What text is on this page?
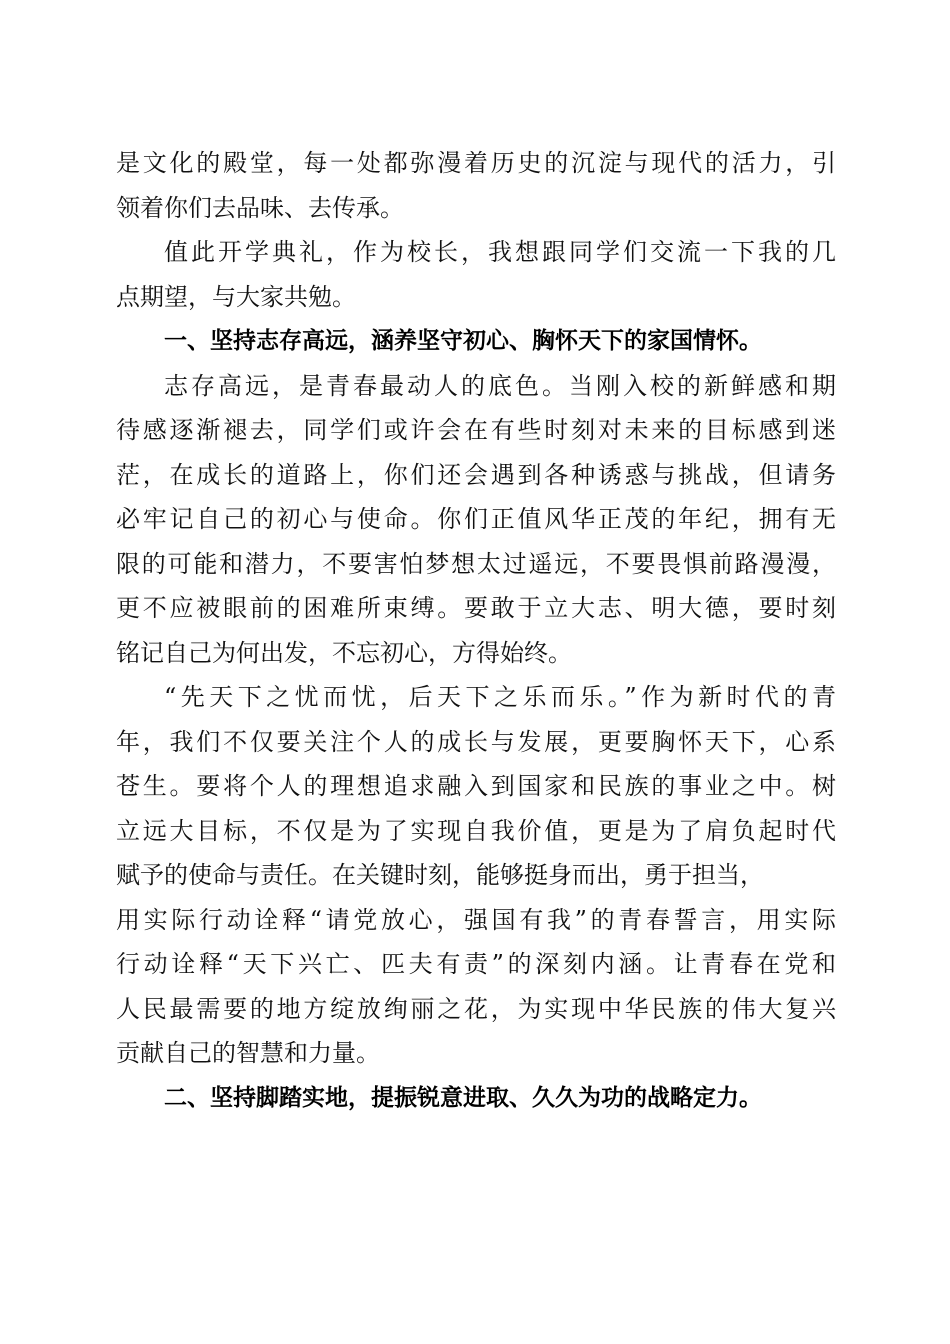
是文化的殿堂，每一处都弥漫着历史的沉淀与现代的活力，引
领着你们去品味、去传承。
值此开学典礼，作为校长，我想跟同学们交流一下我的几
点期望，与大家共勉。
一、坚持志存高远，涵养坚守初心、胸怀天下的家国情怀。
志存高远，是青春最动人的底色。当刚入校的新鲜感和期
待感逐渐褪去，同学们或许会在有些时刻对未来的目标感到迷
茫，在成长的道路上，你们还会遇到各种诱惑与挑战，但请务
必牢记自己的初心与使命。你们正值风华正茂的年纪，拥有无
限的可能和潜力，不要害怕梦想太过遥远，不要畏惧前路漫漫，
更不应被眼前的困难所束缚。要敢于立大志、明大德，要时刻
铭记自己为何出发，不忘初心，方得始终。
“先天下之忧而忧，后天下之乐而乐。”作为新时代的青
年，我们不仅要关注个人的成长与发展，更要胸怀天下，心系
苍生。要将个人的理想追求融入到国家和民族的事业之中。树
立远大目标，不仅是为了实现自我价值，更是为了肩负起时代
赋予的使命与责任。在关键时刻，能够挺身而出，勇于担当，
用实际行动诠释“请党放心，强国有我”的青春誓言，用实际
行动诠释“天下兴亡、匹夫有责”的深刻内涵。让青春在党和
人民最需要的地方绽放绚丽之花，为实现中华民族的伟大复兴
贡献自己的智慧和力量。
二、坚持脚踏实地，提振锐意进取、久久为功的战略定力。
